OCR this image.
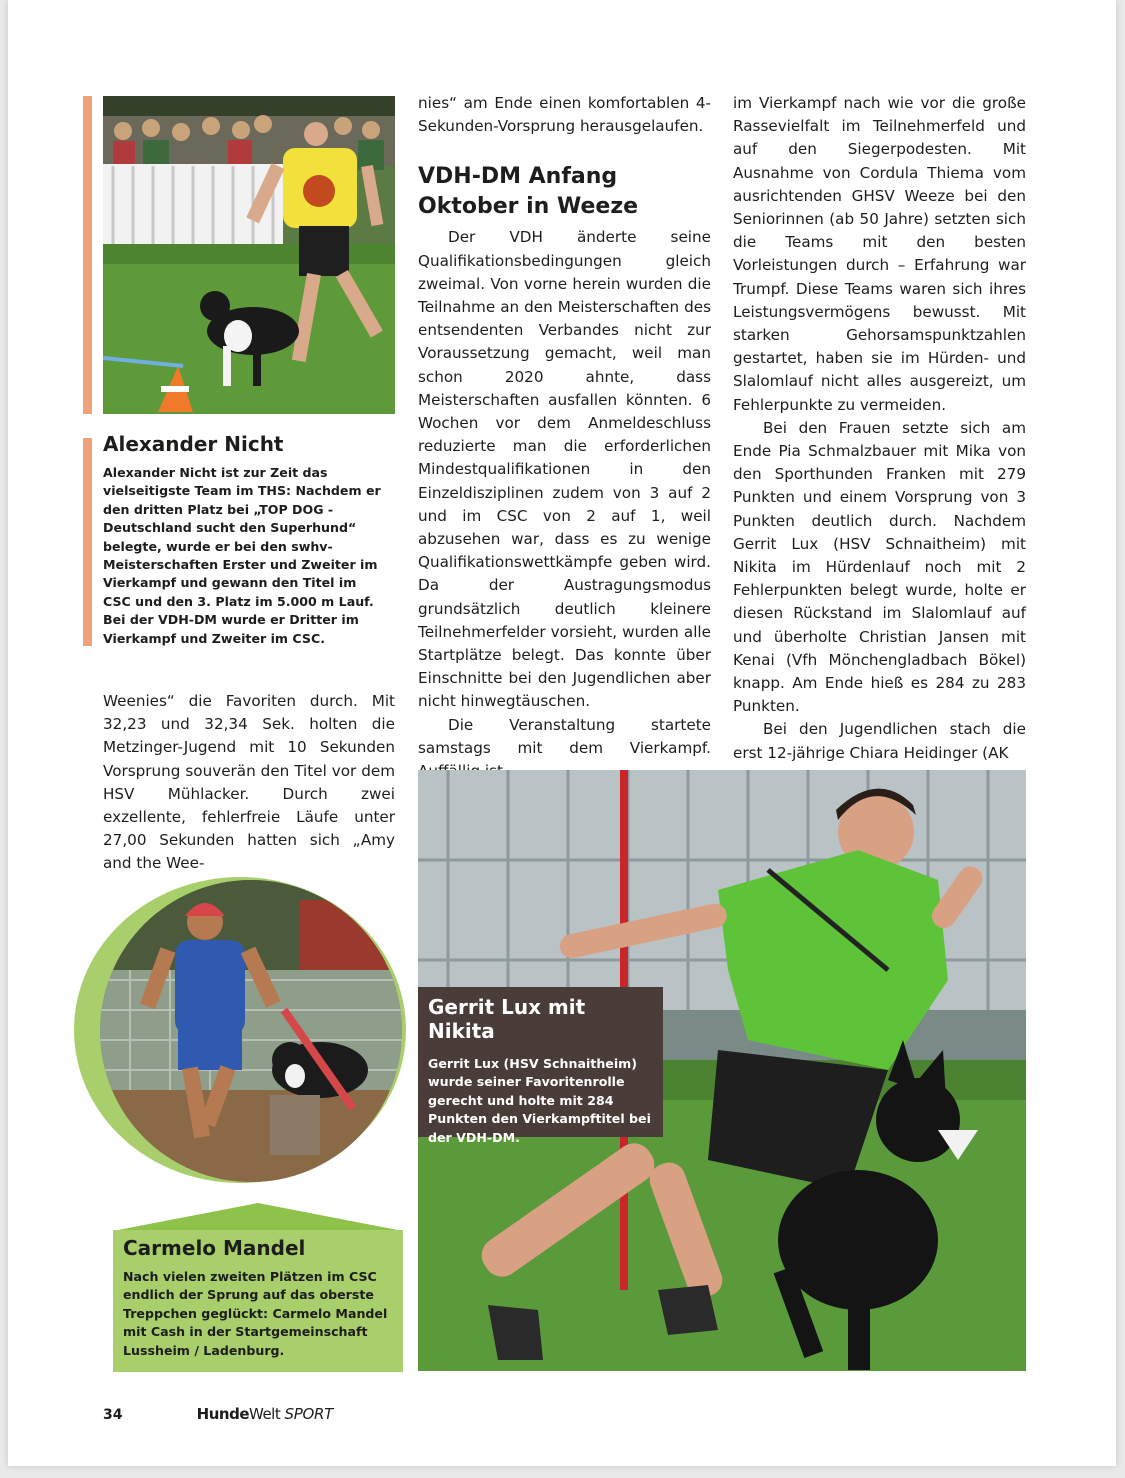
Alexander Nicht

Alexander Nicht ist zur Zeit das vielseitigste Team im THS: Nachdem er den dritten Platz bei „TOP DOG - Deutschland sucht den Superhund“ belegte, wurde er bei den swhv-Meisterschaften Erster und Zweiter im Vierkampf und gewann den Titel im CSC und den 3. Platz im 5.000 m Lauf. Bei der VDH-DM wurde er Dritter im Vierkampf und Zweiter im CSC.

Weenies“ die Favoriten durch. Mit 32,23 und 32,34 Sek. holten die Metzinger-Jugend mit 10 Sekunden Vorsprung souverän den Titel vor dem HSV Mühlacker. Durch zwei exzellente, fehlerfreie Läufe unter 27,00 Sekunden hatten sich „Amy and the Wee-

Carmelo Mandel

Nach vielen zweiten Plätzen im CSC endlich der Sprung auf das oberste Treppchen geglückt: Carmelo Mandel mit Cash in der Startgemeinschaft Lussheim / Ladenburg.

nies“ am Ende einen komfortablen 4-Sekunden-Vorsprung herausgelaufen.

VDH-DM Anfang Oktober in Weeze

Der VDH änderte seine Qualifikationsbedingungen gleich zweimal. Von vorne herein wurden die Teilnahme an den Meisterschaften des entsendenten Verbandes nicht zur Voraussetzung gemacht, weil man schon 2020 ahnte, dass Meisterschaften ausfallen könnten. 6 Wochen vor dem Anmeldeschluss reduzierte man die erforderlichen Mindestqualifikationen in den Einzeldisziplinen zudem von 3 auf 2 und im CSC von 2 auf 1, weil abzusehen war, dass es zu wenige Qualifikationswettkämpfe geben wird. Da der Austragungsmodus grundsätzlich deutlich kleinere Teilnehmerfelder vorsieht, wurden alle Startplätze belegt. Das konnte über Einschnitte bei den Jugendlichen aber nicht hinwegtäuschen.

Die Veranstaltung startete samstags mit dem Vierkampf.

im Vierkampf nach wie vor die große Rassevielfalt im Teilnehmerfeld und auf den Siegerpodesten. Mit Ausnahme von Cordula Thiema vom ausrichtenden GHSV Weeze bei den Seniorinnen (ab 50 Jahre) setzten sich die Teams mit den besten Vorleistungen durch – Erfahrung war Trumpf. Diese Teams waren sich ihres Leistungsvermögens bewusst. Mit starken Gehorsamspunktzahlen gestartet, haben sie im Hürden- und Slalomlauf nicht alles ausgereizt, um Fehlerpunkte zu vermeiden.

Bei den Frauen setzte sich am Ende Pia Schmalzbauer mit Mika von den Sporthunden Franken mit 279 Punkten und einem Vorsprung von 3 Punkten deutlich durch. Nachdem Gerrit Lux (HSV Schnaitheim) mit Nikita im Hürdenlauf noch mit 2 Fehlerpunkten belegt wurde, holte er diesen Rückstand im Slalomlauf auf und überholte Christian Jansen mit Kenai (Vfh Mönchengladbach Bökel) knapp. Am Ende hieß es 284 zu 283 Punkten.

Bei den Jugendlichen stach die erst 12-jährige Chiara Heidinger (AK

Gerrit Lux mit Nikita

Gerrit Lux (HSV Schnaitheim) wurde seiner Favoritenrolle gerecht und holte mit 284 Punkten den Vierkampftitel bei der VDH-DM.

34	HundeWelt SPORT
